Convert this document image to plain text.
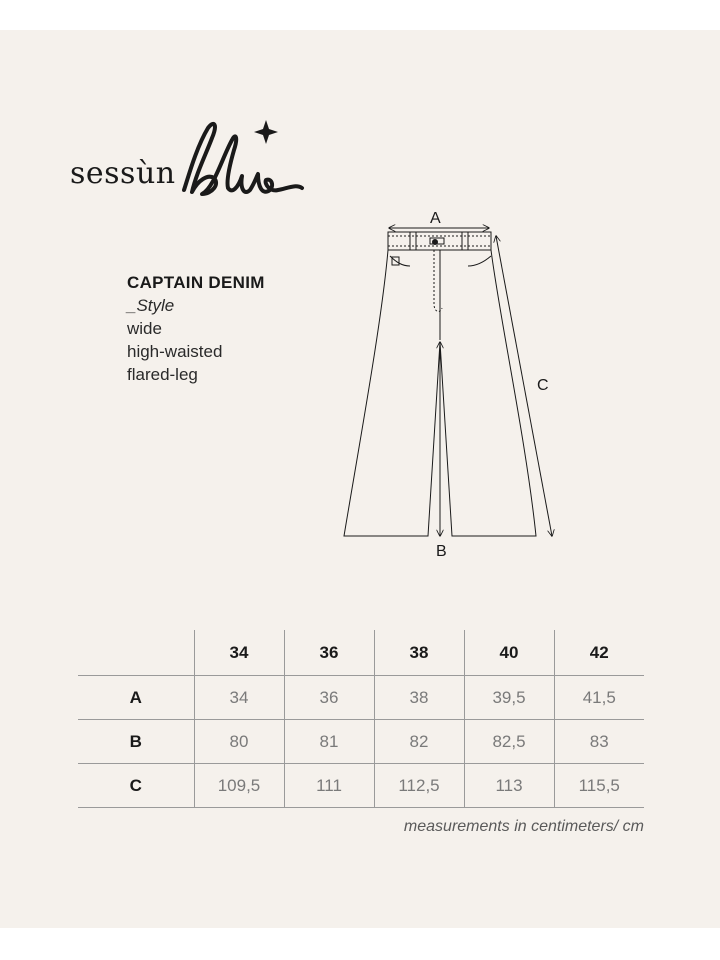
sessùn
CAPTAIN DENIM
_Style
wide
high-waisted
flared-leg
A
B
C
	34	36	38	40	42
A	34	36	38	39,5	41,5
B	80	81	82	82,5	83
C	109,5	111	112,5	113	115,5
measurements in centimeters/ cm
